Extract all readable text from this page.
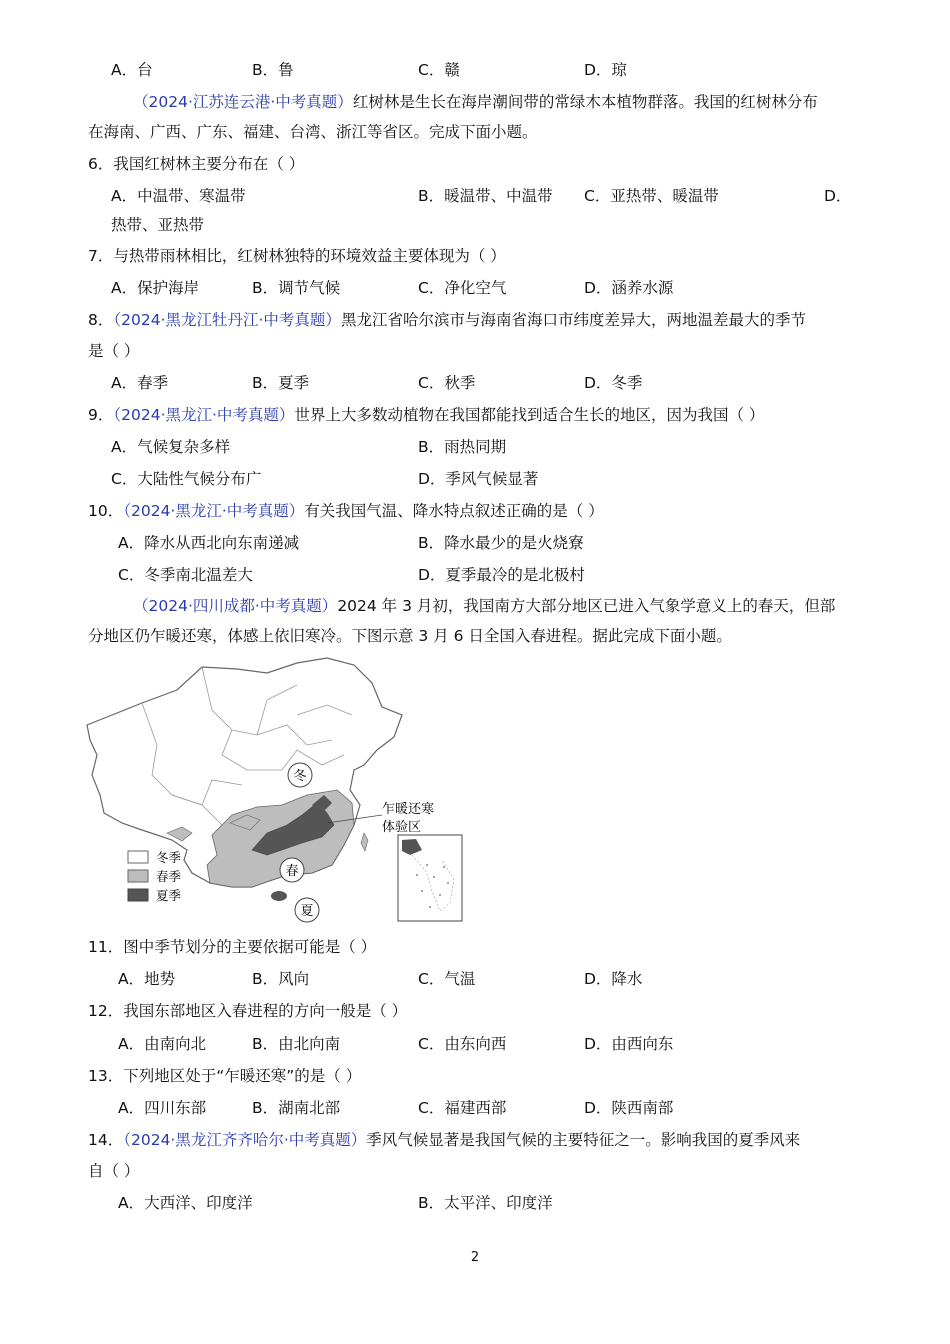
A．台	B．鲁	C．赣	D．琼
（2024·江苏连云港·中考真题）红树林是生长在海岸潮间带的常绿木本植物群落。我国的红树林分布
在海南、广西、广东、福建、台湾、浙江等省区。完成下面小题。
6．我国红树林主要分布在（ ）
A．中温带、寒温带	B．暖温带、中温带 C．亚热带、暖温带	D．
热带、亚热带
7．与热带雨林相比，红树林独特的环境效益主要体现为（ ）
A．保护海岸	B．调节气候	C．净化空气	D．涵养水源
8．（2024·黑龙江牡丹江·中考真题）黑龙江省哈尔滨市与海南省海口市纬度差异大，两地温差最大的季节
是（ ）
A．春季	B．夏季	C．秋季	D．冬季
9．（2024·黑龙江·中考真题）世界上大多数动植物在我国都能找到适合生长的地区，因为我国（ ）
A．气候复杂多样	B．雨热同期
C．大陆性气候分布广	D．季风气候显著
10．（2024·黑龙江·中考真题）有关我国气温、降水特点叙述正确的是（ ）
A．降水从西北向东南递减	B．降水最少的是火烧寮
C．冬季南北温差大	D．夏季最冷的是北极村
（2024·四川成都·中考真题）2024 年 3 月初，我国南方大部分地区已进入气象学意义上的春天，但部
分地区仍乍暖还寒，体感上依旧寒冷。下图示意 3 月 6 日全国入春进程。据此完成下面小题。
冬
春
夏
乍暖还寒
体验区
冬季
春季
夏季
11．图中季节划分的主要依据可能是（ ）
A．地势	B．风向	C．气温	D．降水
12．我国东部地区入春进程的方向一般是（ ）
A．由南向北	B．由北向南	C．由东向西	D．由西向东
13．下列地区处于“乍暖还寒”的是（ ）
A．四川东部	B．湖南北部	C．福建西部	D．陕西南部
14．（2024·黑龙江齐齐哈尔·中考真题）季风气候显著是我国气候的主要特征之一。影响我国的夏季风来
自（ ）
A．大西洋、印度洋	B．太平洋、印度洋
2
